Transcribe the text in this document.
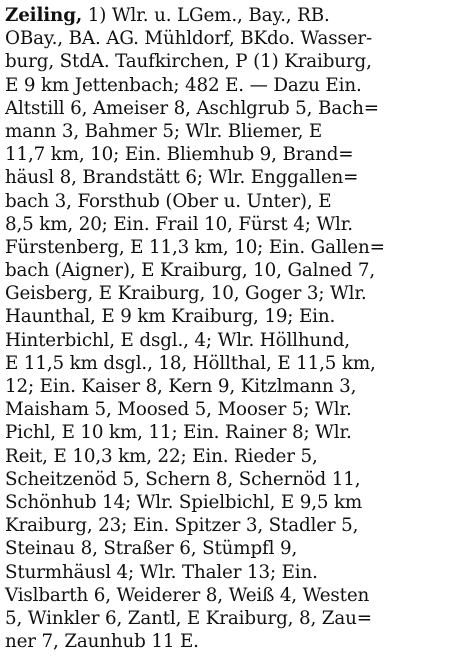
Zeiling, 1) Wlr. u. LGem., Bay., RB.
OBay., BA. AG. Mühldorf, BKdo. Wasser-
burg, StdA. Taufkirchen, P (1) Kraiburg,
E 9 km Jettenbach; 482 E. — Dazu Ein.
Altstill 6, Ameiser 8, Aschlgrub 5, Bach=
mann 3, Bahmer 5; Wlr. Bliemer, E
11,7 km, 10; Ein. Bliemhub 9, Brand=
häusl 8, Brandstätt 6; Wlr. Enggallen=
bach 3, Forsthub (Ober u. Unter), E
8,5 km, 20; Ein. Frail 10, Fürst 4; Wlr.
Fürstenberg, E 11,3 km, 10; Ein. Gallen=
bach (Aigner), E Kraiburg, 10, Galned 7,
Geisberg, E Kraiburg, 10, Goger 3; Wlr.
Haunthal, E 9 km Kraiburg, 19; Ein.
Hinterbichl, E dsgl., 4; Wlr. Höllhund,
E 11,5 km dsgl., 18, Höllthal, E 11,5 km,
12; Ein. Kaiser 8, Kern 9, Kitzlmann 3,
Maisham 5, Moosed 5, Mooser 5; Wlr.
Pichl, E 10 km, 11; Ein. Rainer 8; Wlr.
Reit, E 10,3 km, 22; Ein. Rieder 5,
Scheitzenöd 5, Schern 8, Schernöd 11,
Schönhub 14; Wlr. Spielbichl, E 9,5 km
Kraiburg, 23; Ein. Spitzer 3, Stadler 5,
Steinau 8, Straßer 6, Stümpfl 9,
Sturmhäusl 4; Wlr. Thaler 13; Ein.
Vislbarth 6, Weiderer 8, Weiß 4, Westen
5, Winkler 6, Zantl, E Kraiburg, 8, Zau=
ner 7, Zaunhub 11 E.
